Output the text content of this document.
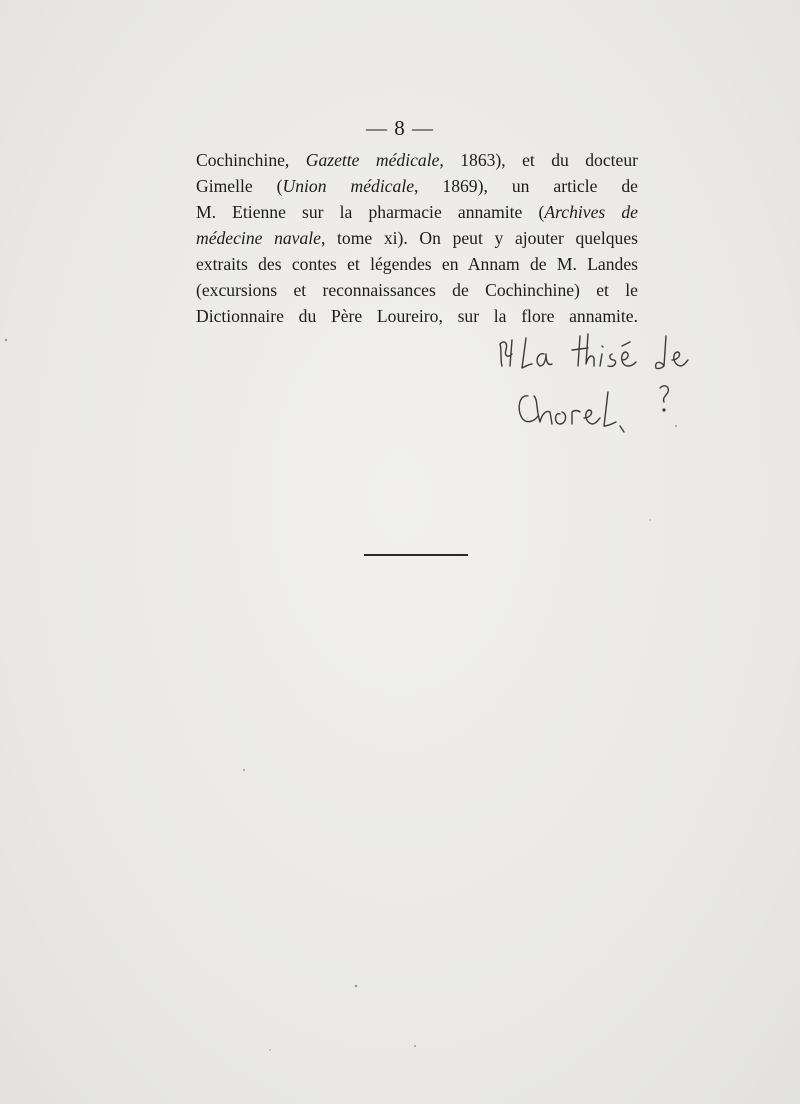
— 8 —
Cochinchine, Gazette médicale, 1863), et du docteur
Gimelle (Union médicale, 1869), un article de
M. Etienne sur la pharmacie annamite (Archives de
médecine navale, tome xi). On peut y ajouter quelques
extraits des contes et légendes en Annam de M. Landes
(excursions et reconnaissances de Cochinchine) et le
Dictionnaire du Père Loureiro, sur la flore annamite.
